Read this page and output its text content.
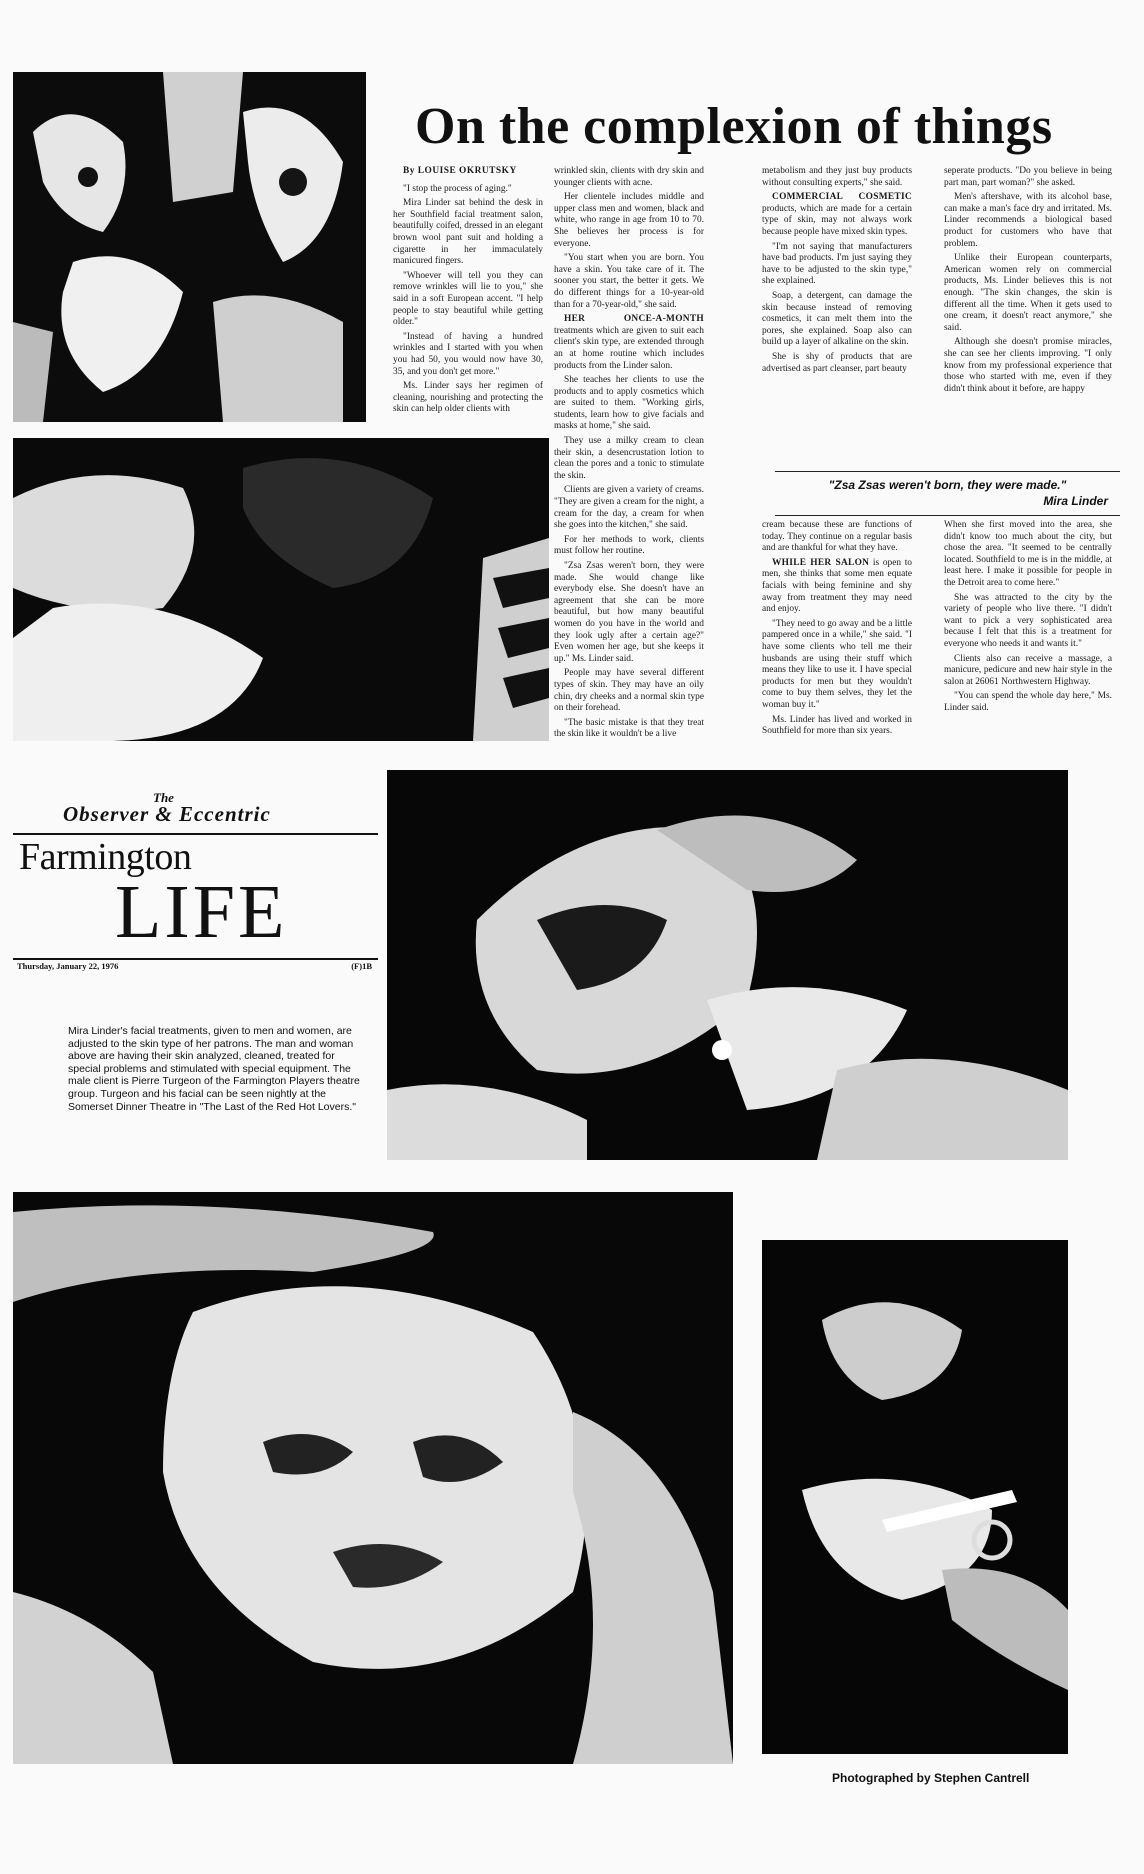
On the complexion of things

By LOUISE OKRUTSKY

"I stop the process of aging."

Mira Linder sat behind the desk in her Southfield facial treatment salon, beautifully coifed, dressed in an elegant brown wool pant suit and holding a cigarette in her immaculately manicured fingers.

"Whoever will tell you they can remove wrinkles will lie to you," she said in a soft European accent. "I help people to stay beautiful while getting older."

"Instead of having a hundred wrinkles and I started with you when you had 50, you would now have 30, 35, and you don't get more."

Ms. Linder says her regimen of cleaning, nourishing and protecting the skin can help older clients with

wrinkled skin, clients with dry skin and younger clients with acne.

Her clientele includes middle and upper class men and women, black and white, who range in age from 10 to 70. She believes her process is for everyone.

"You start when you are born. You have a skin. You take care of it. The sooner you start, the better it gets. We do different things for a 10-year-old than for a 70-year-old," she said.

HER ONCE-A-MONTH treatments which are given to suit each client's skin type, are extended through an at home routine which includes products from the Linder salon.

She teaches her clients to use the products and to apply cosmetics which are suited to them. "Working girls, students, learn how to give facials and masks at home," she said.

They use a milky cream to clean their skin, a desencrustation lotion to clean the pores and a tonic to stimulate the skin.

Clients are given a variety of creams. "They are given a cream for the night, a cream for the day, a cream for when she goes into the kitchen," she said.

For her methods to work, clients must follow her routine.

"Zsa Zsas weren't born, they were made. She would change like everybody else. She doesn't have an agreement that she can be more beautiful, but how many beautiful women do you have in the world and they look ugly after a certain age?" Even women her age, but she keeps it up." Ms. Linder said.

People may have several different types of skin. They may have an oily chin, dry cheeks and a normal skin type on their forehead.

"The basic mistake is that they treat the skin like it wouldn't be a live

metabolism and they just buy products without consulting experts," she said.

COMMERCIAL COSMETIC products, which are made for a certain type of skin, may not always work because people have mixed skin types.

"I'm not saying that manufacturers have bad products. I'm just saying they have to be adjusted to the skin type," she explained.

Soap, a detergent, can damage the skin because instead of removing cosmetics, it can melt them into the pores, she explained. Soap also can build up a layer of alkaline on the skin.

She is shy of products that are advertised as part cleanser, part beauty

seperate products. "Do you believe in being part man, part woman?" she asked.

Men's aftershave, with its alcohol base, can make a man's face dry and irritated. Ms. Linder recommends a biological based product for customers who have that problem.

Unlike their European counterparts, American women rely on commercial products, Ms. Linder believes this is not enough. "The skin changes, the skin is different all the time. When it gets used to one cream, it doesn't react anymore," she said.

Although she doesn't promise miracles, she can see her clients improving. "I only know from my professional experience that those who started with me, even if they didn't think about it before, are happy

"Zsa Zsas weren't born, they were made."
Mira Linder

cream because these are functions of today. They continue on a regular basis and are thankful for what they have.

WHILE HER SALON is open to men, she thinks that some men equate facials with being feminine and shy away from treatment they may need and enjoy.

"They need to go away and be a little pampered once in a while," she said. "I have some clients who tell me their husbands are using their stuff which means they like to use it. I have special products for men but they wouldn't come to buy them selves, they let the woman buy it."

Ms. Linder has lived and worked in Southfield for more than six years.

When she first moved into the area, she didn't know too much about the city, but chose the area. "It seemed to be centrally located. Southfield to me is in the middle, at least here. I make it possible for people in the Detroit area to come here."

She was attracted to the city by the variety of people who live there. "I didn't want to pick a very sophisticated area because I felt that this is a treatment for everyone who needs it and wants it."

Clients also can receive a massage, a manicure, pedicure and new hair style in the salon at 26061 Northwestern Highway.

"You can spend the whole day here," Ms. Linder said.

The
Observer & Eccentric
Farmington
LIFE
Thursday, January 22, 1976	(F)1B
Mira Linder's facial treatments, given to men and women, are adjusted to the skin type of her patrons. The man and woman above are having their skin analyzed, cleaned, treated for special problems and stimulated with special equipment. The male client is Pierre Turgeon of the Farmington Players theatre group. Turgeon and his facial can be seen nightly at the Somerset Dinner Theatre in "The Last of the Red Hot Lovers."
Photographed by Stephen Cantrell
